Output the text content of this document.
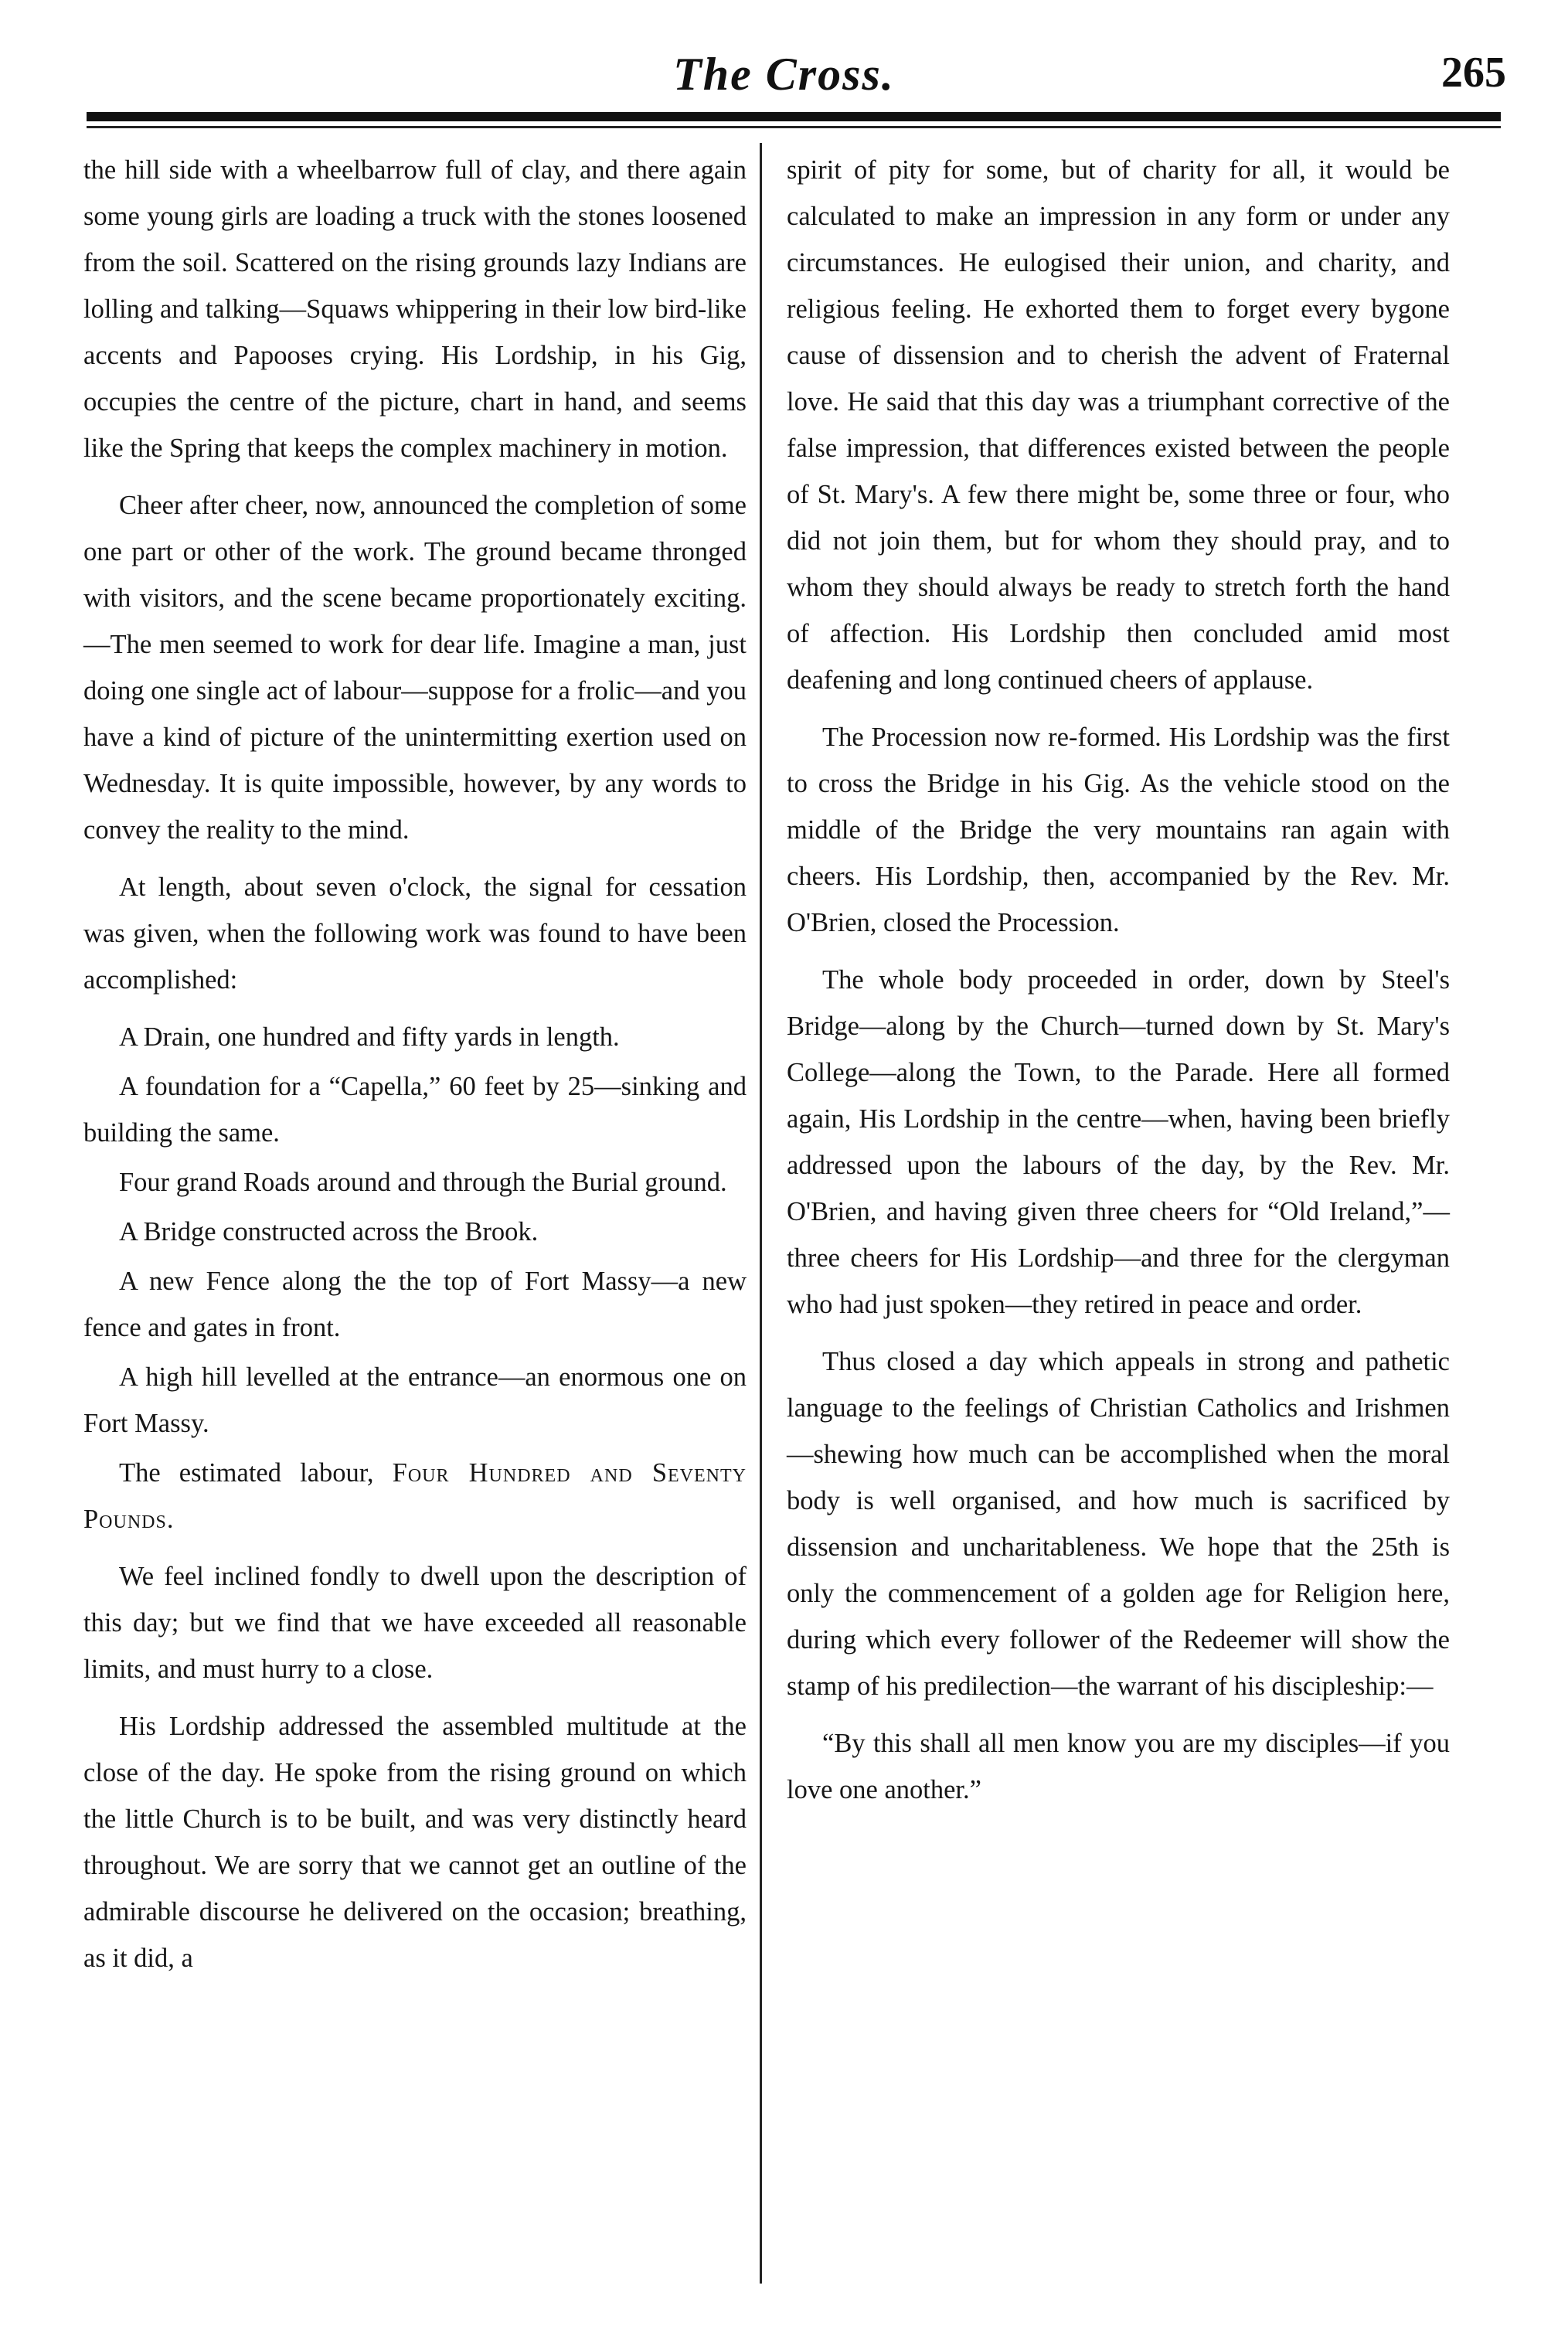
The Cross.	265

the hill side with a wheelbarrow full of clay, and there again some young girls are loading a truck with the stones loosened from the soil. Scattered on the rising grounds lazy Indians are lolling and talking—Squaws whippering in their low bird-like accents and Papooses crying. His Lordship, in his Gig, occupies the centre of the picture, chart in hand, and seems like the Spring that keeps the complex machinery in motion.

Cheer after cheer, now, announced the completion of some one part or other of the work. The ground became thronged with visitors, and the scene became proportionately exciting.—The men seemed to work for dear life. Imagine a man, just doing one single act of labour—suppose for a frolic—and you have a kind of picture of the unintermitting exertion used on Wednesday. It is quite impossible, however, by any words to convey the reality to the mind.

At length, about seven o'clock, the signal for cessation was given, when the following work was found to have been accomplished:

A Drain, one hundred and fifty yards in length.

A foundation for a “Capella,” 60 feet by 25—sinking and building the same.

Four grand Roads around and through the Burial ground.

A Bridge constructed across the Brook.

A new Fence along the the top of Fort Massy—a new fence and gates in front.

A high hill levelled at the entrance—an enormous one on Fort Massy.

The estimated labour, Four Hundred and Seventy Pounds.

We feel inclined fondly to dwell upon the description of this day; but we find that we have exceeded all reasonable limits, and must hurry to a close.

His Lordship addressed the assembled multitude at the close of the day. He spoke from the rising ground on which the little Church is to be built, and was very distinctly heard throughout. We are sorry that we cannot get an outline of the admirable discourse he delivered on the occasion; breathing, as it did, a

spirit of pity for some, but of charity for all, it would be calculated to make an impression in any form or under any circumstances. He eulogised their union, and charity, and religious feeling. He exhorted them to forget every bygone cause of dissension and to cherish the advent of Fraternal love. He said that this day was a triumphant corrective of the false impression, that differences existed between the people of St. Mary's. A few there might be, some three or four, who did not join them, but for whom they should pray, and to whom they should always be ready to stretch forth the hand of affection. His Lordship then concluded amid most deafening and long continued cheers of applause.

The Procession now re-formed. His Lordship was the first to cross the Bridge in his Gig. As the vehicle stood on the middle of the Bridge the very mountains ran again with cheers. His Lordship, then, accompanied by the Rev. Mr. O'Brien, closed the Procession.

The whole body proceeded in order, down by Steel's Bridge—along by the Church—turned down by St. Mary's College—along the Town, to the Parade. Here all formed again, His Lordship in the centre—when, having been briefly addressed upon the labours of the day, by the Rev. Mr. O'Brien, and having given three cheers for “Old Ireland,”—three cheers for His Lordship—and three for the clergyman who had just spoken—they retired in peace and order.

Thus closed a day which appeals in strong and pathetic language to the feelings of Christian Catholics and Irishmen—shewing how much can be accomplished when the moral body is well organised, and how much is sacrificed by dissension and uncharitableness. We hope that the 25th is only the commencement of a golden age for Religion here, during which every follower of the Redeemer will show the stamp of his predilection—the warrant of his discipleship:—

“By this shall all men know you are my disciples—if you love one another.”
